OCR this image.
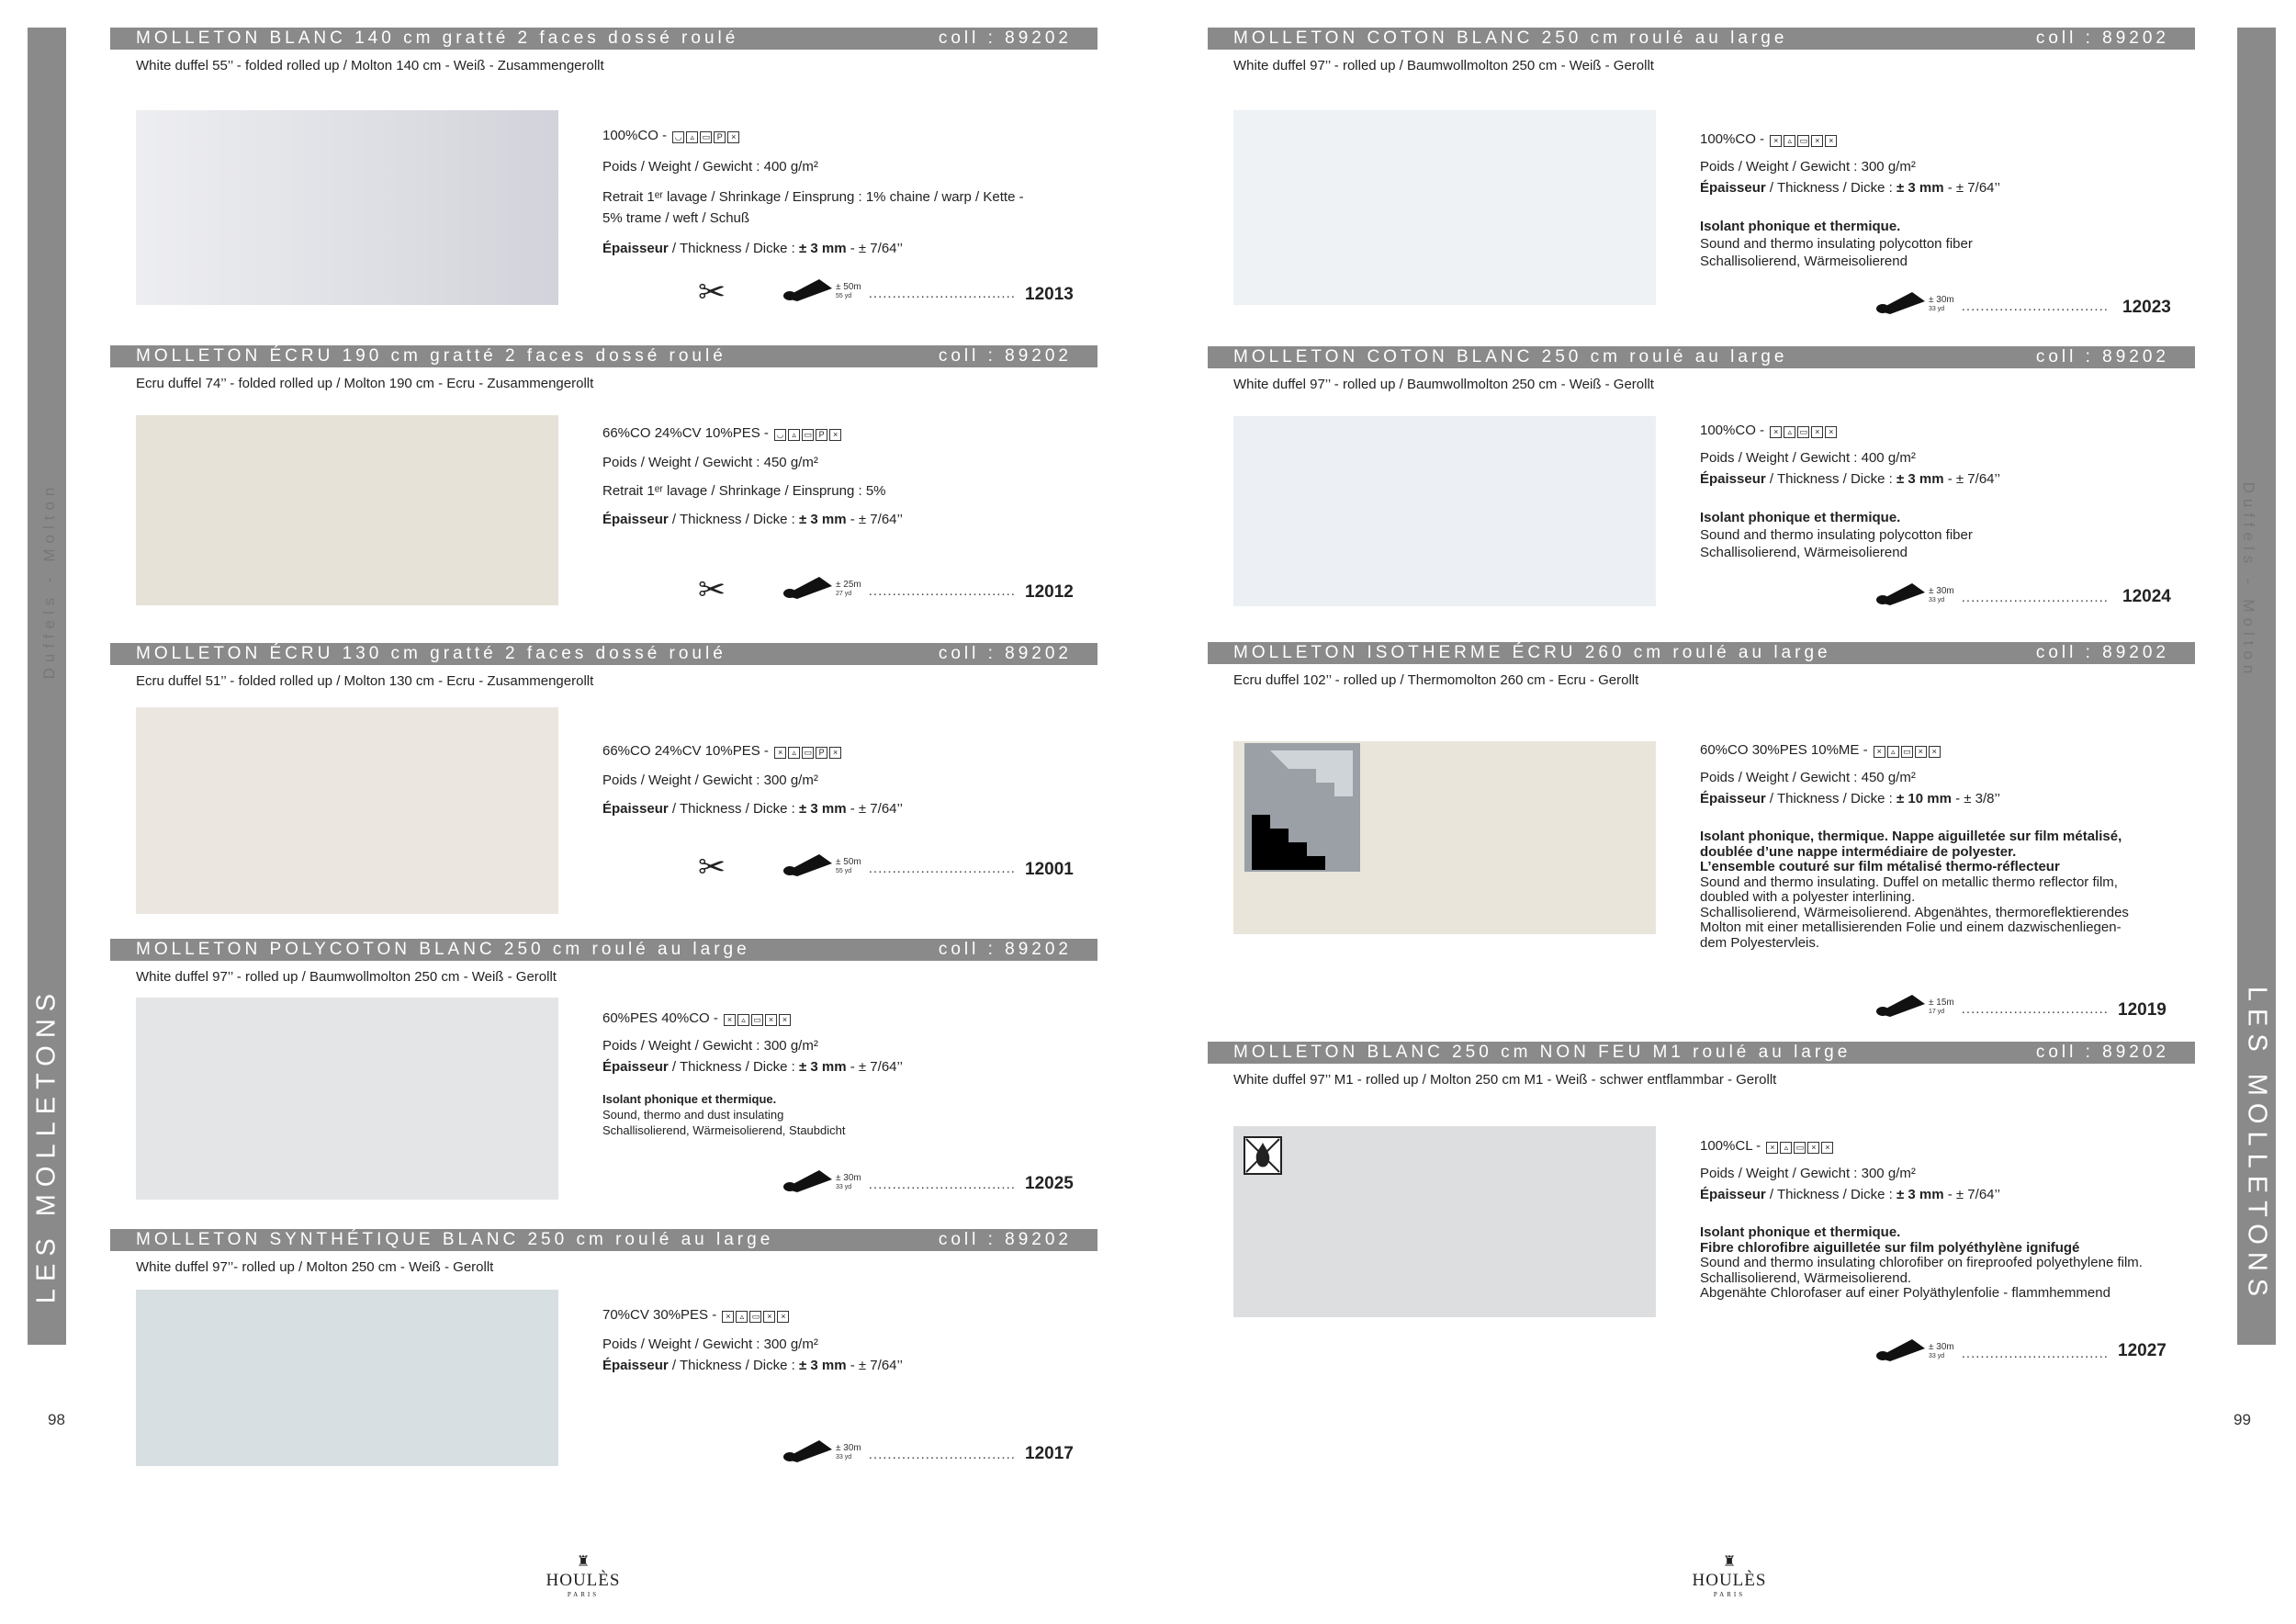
LES MOLLETONS	LES MOLLETONS
Duffels - Molton	Duffels - Molton
98	99
MOLLETON BLANC 140 cm gratté 2 faces dossé roulé	coll : 89202
White duffel 55’’ - folded rolled up / Molton 140 cm - Weiß - Zusammengerollt
100%CO - ◡ ▵ ▭ P ×
Poids / Weight / Gewicht : 400 g/m²
Retrait 1ᵉʳ lavage / Shrinkage / Einsprung : 1% chaine / warp / Kette -
5% trame / weft / Schuß
Épaisseur / Thickness / Dicke : ± 3 mm - ± 7/64’’
✂	± 50m
55 yd	............................... 12013
MOLLETON ÉCRU 190 cm gratté 2 faces dossé roulé	coll : 89202
Ecru duffel 74’’ - folded rolled up / Molton 190 cm - Ecru - Zusammengerollt
66%CO 24%CV 10%PES - ◡ ▵ ▭ P ×
Poids / Weight / Gewicht : 450 g/m²
Retrait 1ᵉʳ lavage / Shrinkage / Einsprung : 5%
Épaisseur / Thickness / Dicke : ± 3 mm - ± 7/64’’
✂	± 25m
27 yd	............................... 12012
MOLLETON ÉCRU 130 cm gratté 2 faces dossé roulé	coll : 89202
Ecru duffel 51’’ - folded rolled up / Molton 130 cm - Ecru - Zusammengerollt
66%CO 24%CV 10%PES - × ▵ ▭ P ×
Poids / Weight / Gewicht : 300 g/m²
Épaisseur / Thickness / Dicke : ± 3 mm - ± 7/64’’
✂	± 50m
55 yd	............................... 12001
MOLLETON POLYCOTON BLANC 250 cm roulé au large	coll : 89202
White duffel 97’’ - rolled up / Baumwollmolton 250 cm - Weiß - Gerollt
60%PES 40%CO - × ▵ ▭ × ×
Poids / Weight / Gewicht : 300 g/m²
Épaisseur / Thickness / Dicke : ± 3 mm - ± 7/64’’
Isolant phonique et thermique.
Sound, thermo and dust insulating
Schallisolierend, Wärmeisolierend, Staubdicht
± 30m
33 yd	............................... 12025
MOLLETON SYNTHÉTIQUE BLANC 250 cm roulé au large	coll : 89202
White duffel 97’’- rolled up / Molton 250 cm - Weiß - Gerollt
70%CV 30%PES - × ▵ ▭ × ×
Poids / Weight / Gewicht : 300 g/m²
Épaisseur / Thickness / Dicke : ± 3 mm - ± 7/64’’
± 30m
33 yd	............................... 12017
MOLLETON COTON BLANC 250 cm roulé au large	coll : 89202
White duffel 97’’ - rolled up / Baumwollmolton 250 cm - Weiß - Gerollt
100%CO - × ▵ ▭ × ×
Poids / Weight / Gewicht : 300 g/m²
Épaisseur / Thickness / Dicke : ± 3 mm - ± 7/64’’
Isolant phonique et thermique.
Sound and thermo insulating polycotton fiber
Schallisolierend, Wärmeisolierend
± 30m
33 yd	............................... 12023
MOLLETON COTON BLANC 250 cm roulé au large	coll : 89202
White duffel 97’’ - rolled up / Baumwollmolton 250 cm - Weiß - Gerollt
100%CO - × ▵ ▭ × ×
Poids / Weight / Gewicht : 400 g/m²
Épaisseur / Thickness / Dicke : ± 3 mm - ± 7/64’’
Isolant phonique et thermique.
Sound and thermo insulating polycotton fiber
Schallisolierend, Wärmeisolierend
± 30m
33 yd	............................... 12024
MOLLETON ISOTHERME ÉCRU 260 cm roulé au large	coll : 89202
Ecru duffel 102’’ - rolled up / Thermomolton 260 cm - Ecru - Gerollt
60%CO 30%PES 10%ME - × ▵ ▭ × ×
Poids / Weight / Gewicht : 450 g/m²
Épaisseur / Thickness / Dicke : ± 10 mm - ± 3/8’’
Isolant phonique, thermique. Nappe aiguilletée sur film métalisé,
doublée d’une nappe intermédiaire de polyester.
L’ensemble couturé sur film métalisé thermo-réflecteur
Sound and thermo insulating. Duffel on metallic thermo reflector film,
doubled with a polyester interlining.
Schallisolierend, Wärmeisolierend. Abgenähtes, thermoreflektierendes
Molton mit einer metallisierenden Folie und einem dazwischenliegen-
dem Polyestervleis.
± 15m
17 yd	............................... 12019
MOLLETON BLANC 250 cm NON FEU M1 roulé au large	coll : 89202
White duffel 97’’ M1 - rolled up / Molton 250 cm M1 - Weiß - schwer entflammbar - Gerollt
100%CL - × ▵ ▭ × ×
Poids / Weight / Gewicht : 300 g/m²
Épaisseur / Thickness / Dicke : ± 3 mm - ± 7/64’’
Isolant phonique et thermique.
Fibre chlorofibre aiguilletée sur film polyéthylène ignifugé
Sound and thermo insulating chlorofiber on fireproofed polyethylene film.
Schallisolierend, Wärmeisolierend.
Abgenähte Chlorofaser auf einer Polyäthylenfolie - flammhemmend
± 30m
33 yd	............................... 12027
♜
HOULÈS
PARIS
♜
HOULÈS
PARIS
